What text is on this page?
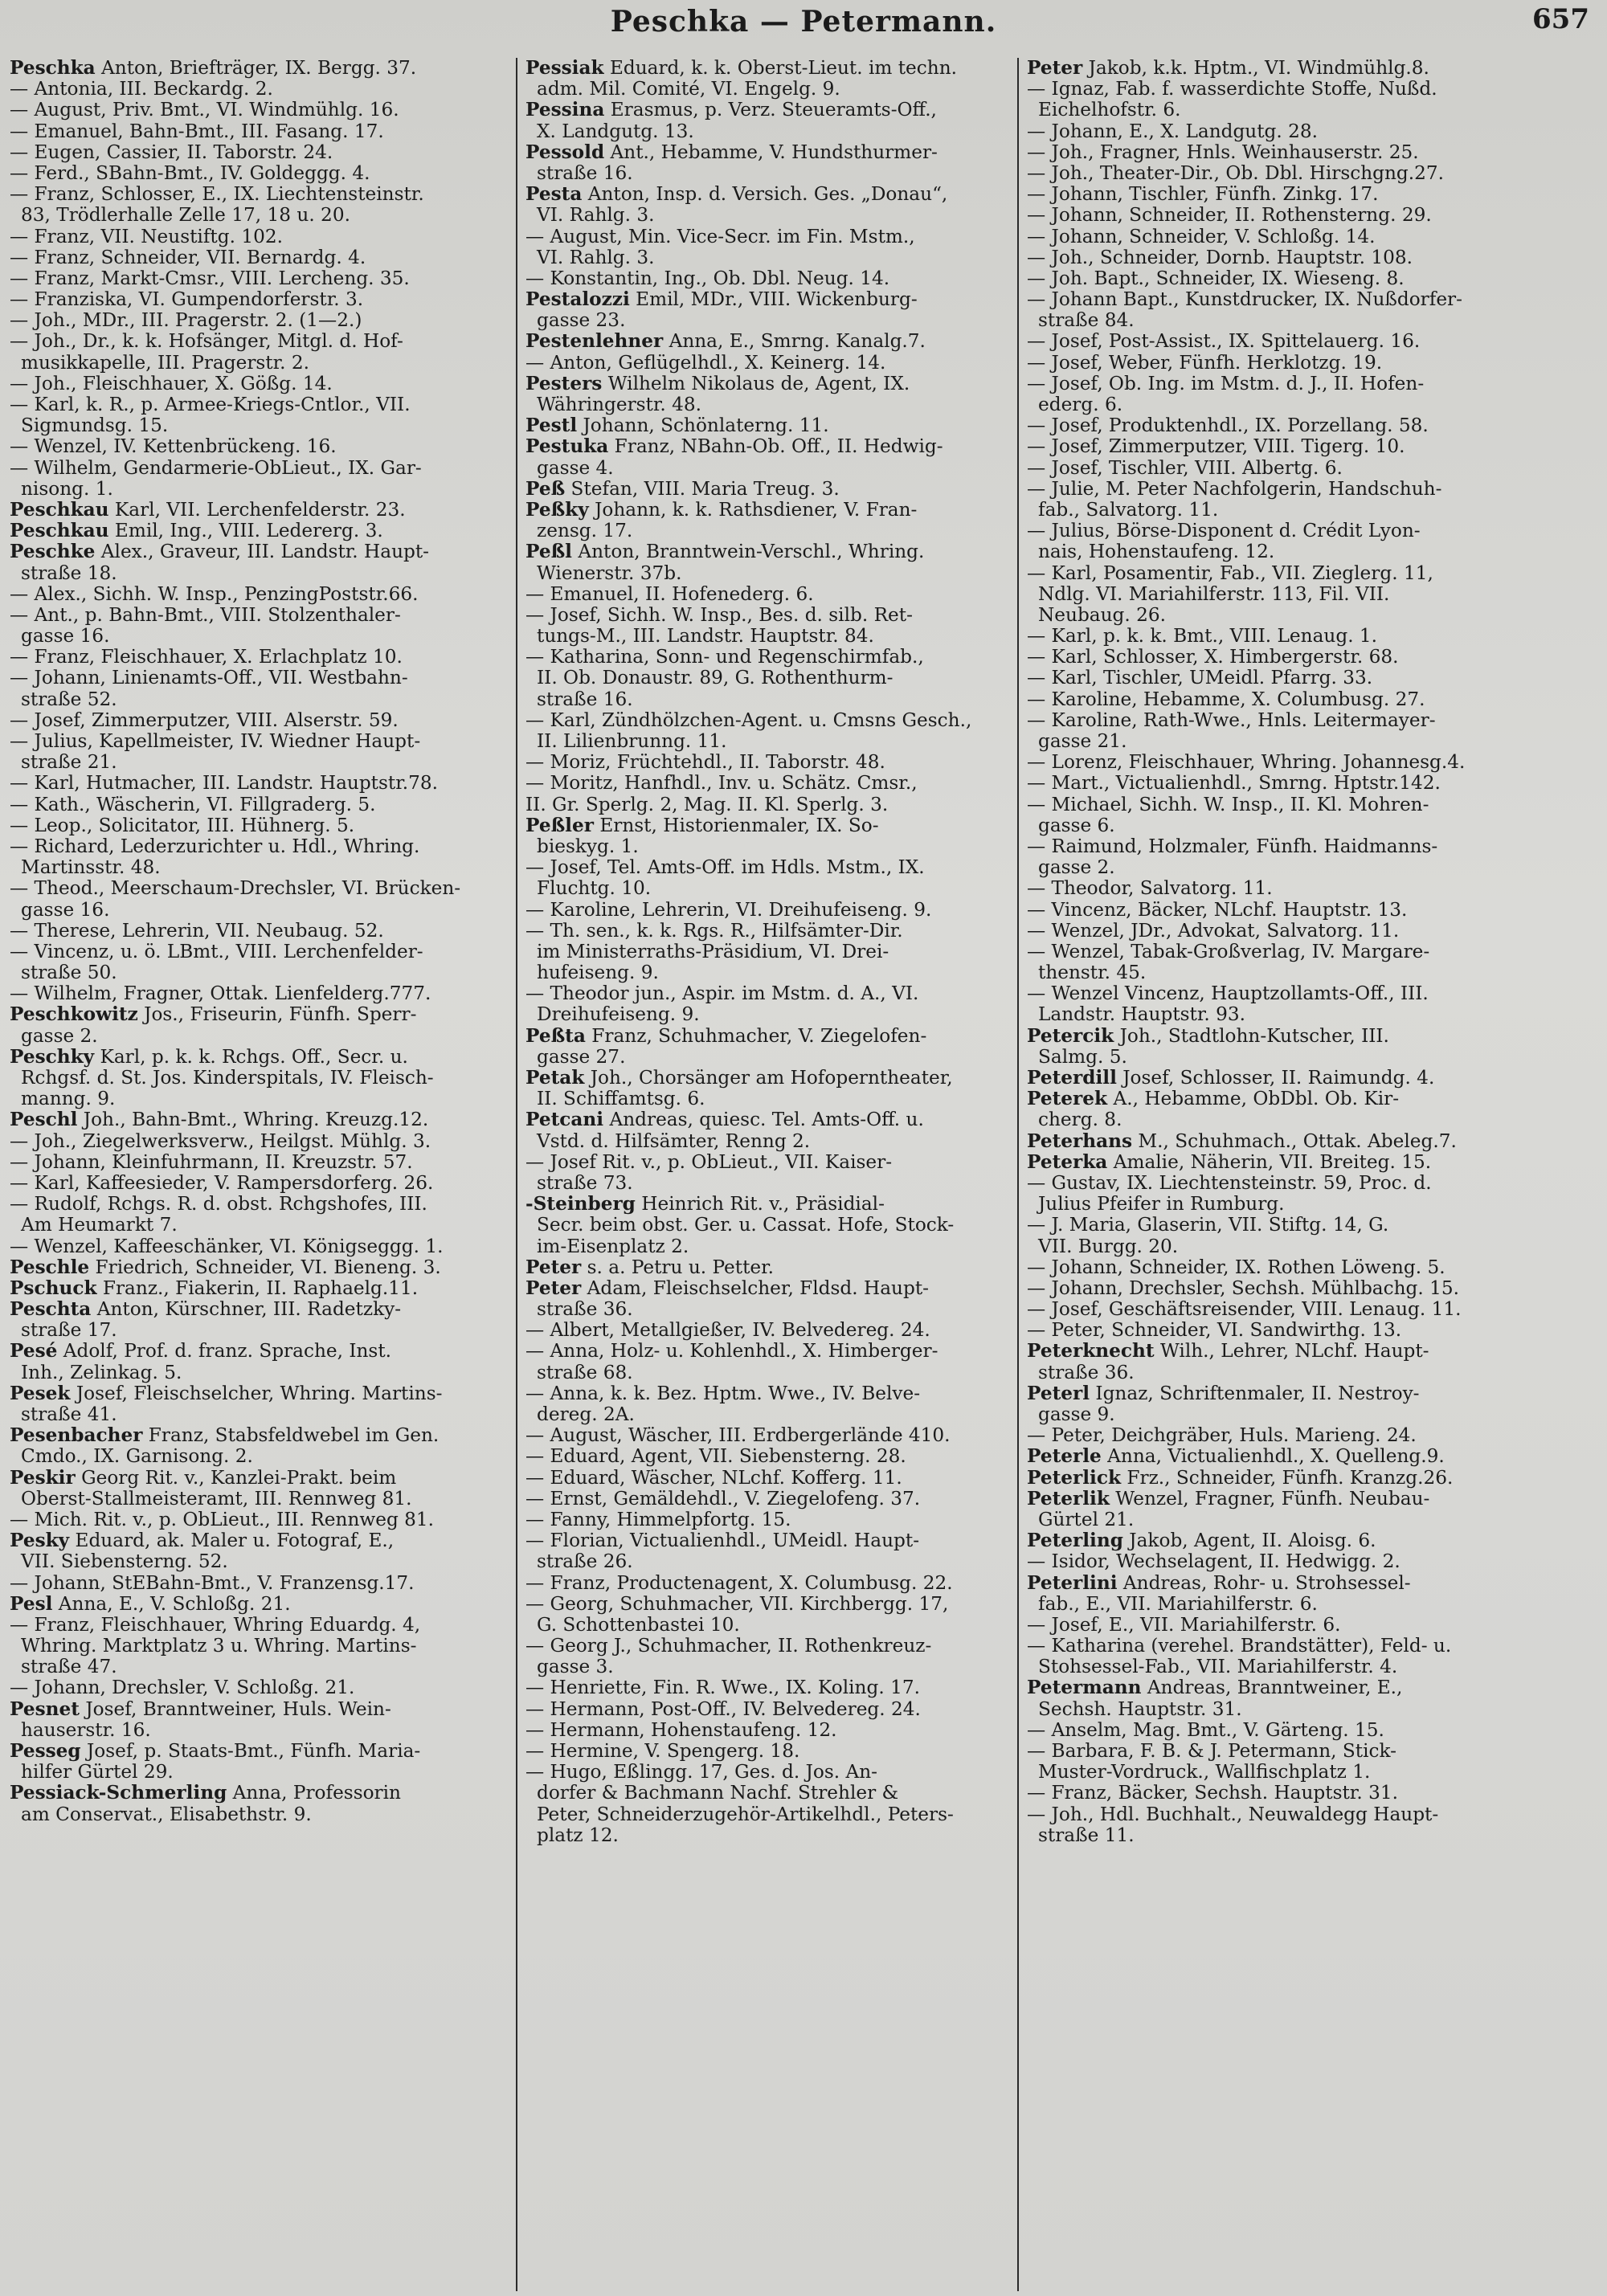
Peschka — Petermann.	657
Peschka Anton, Briefträger, IX. Bergg. 37.
— Antonia, III. Beckardg. 2.
— August, Priv. Bmt., VI. Windmühlg. 16.
— Emanuel, Bahn-Bmt., III. Fasang. 17.
— Eugen, Cassier, II. Taborstr. 24.
— Ferd., SBahn-Bmt., IV. Goldeggg. 4.
— Franz, Schlosser, E., IX. Liechtensteinstr.
83, Trödlerhalle Zelle 17, 18 u. 20.
— Franz, VII. Neustiftg. 102.
— Franz, Schneider, VII. Bernardg. 4.
— Franz, Markt-Cmsr., VIII. Lercheng. 35.
— Franziska, VI. Gumpendorferstr. 3.
— Joh., MDr., III. Pragerstr. 2. (1—2.)
— Joh., Dr., k. k. Hofsänger, Mitgl. d. Hof-
musikkapelle, III. Pragerstr. 2.
— Joh., Fleischhauer, X. Gößg. 14.
— Karl, k. R., p. Armee-Kriegs-Cntlor., VII.
Sigmundsg. 15.
— Wenzel, IV. Kettenbrückeng. 16.
— Wilhelm, Gendarmerie-ObLieut., IX. Gar-
nisong. 1.
Peschkau Karl, VII. Lerchenfelderstr. 23.
Peschkau Emil, Ing., VIII. Ledererg. 3.
Peschke Alex., Graveur, III. Landstr. Haupt-
straße 18.
— Alex., Sichh. W. Insp., PenzingPoststr.66.
— Ant., p. Bahn-Bmt., VIII. Stolzenthaler-
gasse 16.
— Franz, Fleischhauer, X. Erlachplatz 10.
— Johann, Linienamts-Off., VII. Westbahn-
straße 52.
— Josef, Zimmerputzer, VIII. Alserstr. 59.
— Julius, Kapellmeister, IV. Wiedner Haupt-
straße 21.
— Karl, Hutmacher, III. Landstr. Hauptstr.78.
— Kath., Wäscherin, VI. Fillgraderg. 5.
— Leop., Solicitator, III. Hühnerg. 5.
— Richard, Lederzurichter u. Hdl., Whring.
Martinsstr. 48.
— Theod., Meerschaum-Drechsler, VI. Brücken-
gasse 16.
— Therese, Lehrerin, VII. Neubaug. 52.
— Vincenz, u. ö. LBmt., VIII. Lerchenfelder-
straße 50.
— Wilhelm, Fragner, Ottak. Lienfelderg.777.
Peschkowitz Jos., Friseurin, Fünfh. Sperr-
gasse 2.
Peschky Karl, p. k. k. Rchgs. Off., Secr. u.
Rchgsf. d. St. Jos. Kinderspitals, IV. Fleisch-
manng. 9.
Peschl Joh., Bahn-Bmt., Whring. Kreuzg.12.
— Joh., Ziegelwerksverw., Heilgst. Mühlg. 3.
— Johann, Kleinfuhrmann, II. Kreuzstr. 57.
— Karl, Kaffeesieder, V. Rampersdorferg. 26.
— Rudolf, Rchgs. R. d. obst. Rchgshofes, III.
Am Heumarkt 7.
— Wenzel, Kaffeeschänker, VI. Königseggg. 1.
Peschle Friedrich, Schneider, VI. Bieneng. 3.
Pschuck Franz., Fiakerin, II. Raphaelg.11.
Peschta Anton, Kürschner, III. Radetzky-
straße 17.
Pesé Adolf, Prof. d. franz. Sprache, Inst.
Inh., Zelinkag. 5.
Pesek Josef, Fleischselcher, Whring. Martins-
straße 41.
Pesenbacher Franz, Stabsfeldwebel im Gen.
Cmdo., IX. Garnisong. 2.
Peskir Georg Rit. v., Kanzlei-Prakt. beim
Oberst-Stallmeisteramt, III. Rennweg 81.
— Mich. Rit. v., p. ObLieut., III. Rennweg 81.
Pesky Eduard, ak. Maler u. Fotograf, E.,
VII. Siebensterng. 52.
— Johann, StEBahn-Bmt., V. Franzensg.17.
Pesl Anna, E., V. Schloßg. 21.
— Franz, Fleischhauer, Whring Eduardg. 4,
Whring. Marktplatz 3 u. Whring. Martins-
straße 47.
— Johann, Drechsler, V. Schloßg. 21.
Pesnet Josef, Branntweiner, Huls. Wein-
hauserstr. 16.
Pesseg Josef, p. Staats-Bmt., Fünfh. Maria-
hilfer Gürtel 29.
Pessiack-Schmerling Anna, Professorin
am Conservat., Elisabethstr. 9.
Pessiak Eduard, k. k. Oberst-Lieut. im techn.
adm. Mil. Comité, VI. Engelg. 9.
Pessina Erasmus, p. Verz. Steueramts-Off.,
X. Landgutg. 13.
Pessold Ant., Hebamme, V. Hundsthurmer-
straße 16.
Pesta Anton, Insp. d. Versich. Ges. „Donau“,
VI. Rahlg. 3.
— August, Min. Vice-Secr. im Fin. Mstm.,
VI. Rahlg. 3.
— Konstantin, Ing., Ob. Dbl. Neug. 14.
Pestalozzi Emil, MDr., VIII. Wickenburg-
gasse 23.
Pestenlehner Anna, E., Smrng. Kanalg.7.
— Anton, Geflügelhdl., X. Keinerg. 14.
Pesters Wilhelm Nikolaus de, Agent, IX.
Währingerstr. 48.
Pestl Johann, Schönlaterng. 11.
Pestuka Franz, NBahn-Ob. Off., II. Hedwig-
gasse 4.
Peß Stefan, VIII. Maria Treug. 3.
Peßky Johann, k. k. Rathsdiener, V. Fran-
zensg. 17.
Peßl Anton, Branntwein-Verschl., Whring.
Wienerstr. 37b.
— Emanuel, II. Hofenederg. 6.
— Josef, Sichh. W. Insp., Bes. d. silb. Ret-
tungs-M., III. Landstr. Hauptstr. 84.
— Katharina, Sonn- und Regenschirmfab.,
II. Ob. Donaustr. 89, G. Rothenthurm-
straße 16.
— Karl, Zündhölzchen-Agent. u. Cmsns Gesch.,
II. Lilienbrunng. 11.
— Moriz, Früchtehdl., II. Taborstr. 48.
— Moritz, Hanfhdl., Inv. u. Schätz. Cmsr.,
II. Gr. Sperlg. 2, Mag. II. Kl. Sperlg. 3.
Peßler Ernst, Historienmaler, IX. So-
bieskyg. 1.
— Josef, Tel. Amts-Off. im Hdls. Mstm., IX.
Fluchtg. 10.
— Karoline, Lehrerin, VI. Dreihufeiseng. 9.
— Th. sen., k. k. Rgs. R., Hilfsämter-Dir.
im Ministerraths-Präsidium, VI. Drei-
hufeiseng. 9.
— Theodor jun., Aspir. im Mstm. d. A., VI.
Dreihufeiseng. 9.
Peßta Franz, Schuhmacher, V. Ziegelofen-
gasse 27.
Petak Joh., Chorsänger am Hofoperntheater,
II. Schiffamtsg. 6.
Petcani Andreas, quiesc. Tel. Amts-Off. u.
Vstd. d. Hilfsämter, Renng 2.
— Josef Rit. v., p. ObLieut., VII. Kaiser-
straße 73.
-Steinberg Heinrich Rit. v., Präsidial-
Secr. beim obst. Ger. u. Cassat. Hofe, Stock-
im-Eisenplatz 2.
Peter s. a. Petru u. Petter.
Peter Adam, Fleischselcher, Fldsd. Haupt-
straße 36.
— Albert, Metallgießer, IV. Belvedereg. 24.
— Anna, Holz- u. Kohlenhdl., X. Himberger-
straße 68.
— Anna, k. k. Bez. Hptm. Wwe., IV. Belve-
dereg. 2A.
— August, Wäscher, III. Erdbergerlände 410.
— Eduard, Agent, VII. Siebensterng. 28.
— Eduard, Wäscher, NLchf. Kofferg. 11.
— Ernst, Gemäldehdl., V. Ziegelofeng. 37.
— Fanny, Himmelpfortg. 15.
— Florian, Victualienhdl., UMeidl. Haupt-
straße 26.
— Franz, Productenagent, X. Columbusg. 22.
— Georg, Schuhmacher, VII. Kirchbergg. 17,
G. Schottenbastei 10.
— Georg J., Schuhmacher, II. Rothenkreuz-
gasse 3.
— Henriette, Fin. R. Wwe., IX. Koling. 17.
— Hermann, Post-Off., IV. Belvedereg. 24.
— Hermann, Hohenstaufeng. 12.
— Hermine, V. Spengerg. 18.
— Hugo, Eßlingg. 17, Ges. d. Jos. An-
dorfer & Bachmann Nachf. Strehler &
Peter, Schneiderzugehör-Artikelhdl., Peters-
platz 12.
Peter Jakob, k.k. Hptm., VI. Windmühlg.8.
— Ignaz, Fab. f. wasserdichte Stoffe, Nußd.
Eichelhofstr. 6.
— Johann, E., X. Landgutg. 28.
— Joh., Fragner, Hnls. Weinhauserstr. 25.
— Joh., Theater-Dir., Ob. Dbl. Hirschgng.27.
— Johann, Tischler, Fünfh. Zinkg. 17.
— Johann, Schneider, II. Rothensterng. 29.
— Johann, Schneider, V. Schloßg. 14.
— Joh., Schneider, Dornb. Hauptstr. 108.
— Joh. Bapt., Schneider, IX. Wieseng. 8.
— Johann Bapt., Kunstdrucker, IX. Nußdorfer-
straße 84.
— Josef, Post-Assist., IX. Spittelauerg. 16.
— Josef, Weber, Fünfh. Herklotzg. 19.
— Josef, Ob. Ing. im Mstm. d. J., II. Hofen-
ederg. 6.
— Josef, Produktenhdl., IX. Porzellang. 58.
— Josef, Zimmerputzer, VIII. Tigerg. 10.
— Josef, Tischler, VIII. Albertg. 6.
— Julie, M. Peter Nachfolgerin, Handschuh-
fab., Salvatorg. 11.
— Julius, Börse-Disponent d. Crédit Lyon-
nais, Hohenstaufeng. 12.
— Karl, Posamentir, Fab., VII. Zieglerg. 11,
Ndlg. VI. Mariahilferstr. 113, Fil. VII.
Neubaug. 26.
— Karl, p. k. k. Bmt., VIII. Lenaug. 1.
— Karl, Schlosser, X. Himbergerstr. 68.
— Karl, Tischler, UMeidl. Pfarrg. 33.
— Karoline, Hebamme, X. Columbusg. 27.
— Karoline, Rath-Wwe., Hnls. Leitermayer-
gasse 21.
— Lorenz, Fleischhauer, Whring. Johannesg.4.
— Mart., Victualienhdl., Smrng. Hptstr.142.
— Michael, Sichh. W. Insp., II. Kl. Mohren-
gasse 6.
— Raimund, Holzmaler, Fünfh. Haidmanns-
gasse 2.
— Theodor, Salvatorg. 11.
— Vincenz, Bäcker, NLchf. Hauptstr. 13.
— Wenzel, JDr., Advokat, Salvatorg. 11.
— Wenzel, Tabak-Großverlag, IV. Margare-
thenstr. 45.
— Wenzel Vincenz, Hauptzollamts-Off., III.
Landstr. Hauptstr. 93.
Petercik Joh., Stadtlohn-Kutscher, III.
Salmg. 5.
Peterdill Josef, Schlosser, II. Raimundg. 4.
Peterek A., Hebamme, ObDbl. Ob. Kir-
cherg. 8.
Peterhans M., Schuhmach., Ottak. Abeleg.7.
Peterka Amalie, Näherin, VII. Breiteg. 15.
— Gustav, IX. Liechtensteinstr. 59, Proc. d.
Julius Pfeifer in Rumburg.
— J. Maria, Glaserin, VII. Stiftg. 14, G.
VII. Burgg. 20.
— Johann, Schneider, IX. Rothen Löweng. 5.
— Johann, Drechsler, Sechsh. Mühlbachg. 15.
— Josef, Geschäftsreisender, VIII. Lenaug. 11.
— Peter, Schneider, VI. Sandwirthg. 13.
Peterknecht Wilh., Lehrer, NLchf. Haupt-
straße 36.
Peterl Ignaz, Schriftenmaler, II. Nestroy-
gasse 9.
— Peter, Deichgräber, Huls. Marieng. 24.
Peterle Anna, Victualienhdl., X. Quelleng.9.
Peterlick Frz., Schneider, Fünfh. Kranzg.26.
Peterlik Wenzel, Fragner, Fünfh. Neubau-
Gürtel 21.
Peterling Jakob, Agent, II. Aloisg. 6.
— Isidor, Wechselagent, II. Hedwigg. 2.
Peterlini Andreas, Rohr- u. Strohsessel-
fab., E., VII. Mariahilferstr. 6.
— Josef, E., VII. Mariahilferstr. 6.
— Katharina (verehel. Brandstätter), Feld- u.
Stohsessel-Fab., VII. Mariahilferstr. 4.
Petermann Andreas, Branntweiner, E.,
Sechsh. Hauptstr. 31.
— Anselm, Mag. Bmt., V. Gärteng. 15.
— Barbara, F. B. & J. Petermann, Stick-
Muster-Vordruck., Wallfischplatz 1.
— Franz, Bäcker, Sechsh. Hauptstr. 31.
— Joh., Hdl. Buchhalt., Neuwaldegg Haupt-
straße 11.
